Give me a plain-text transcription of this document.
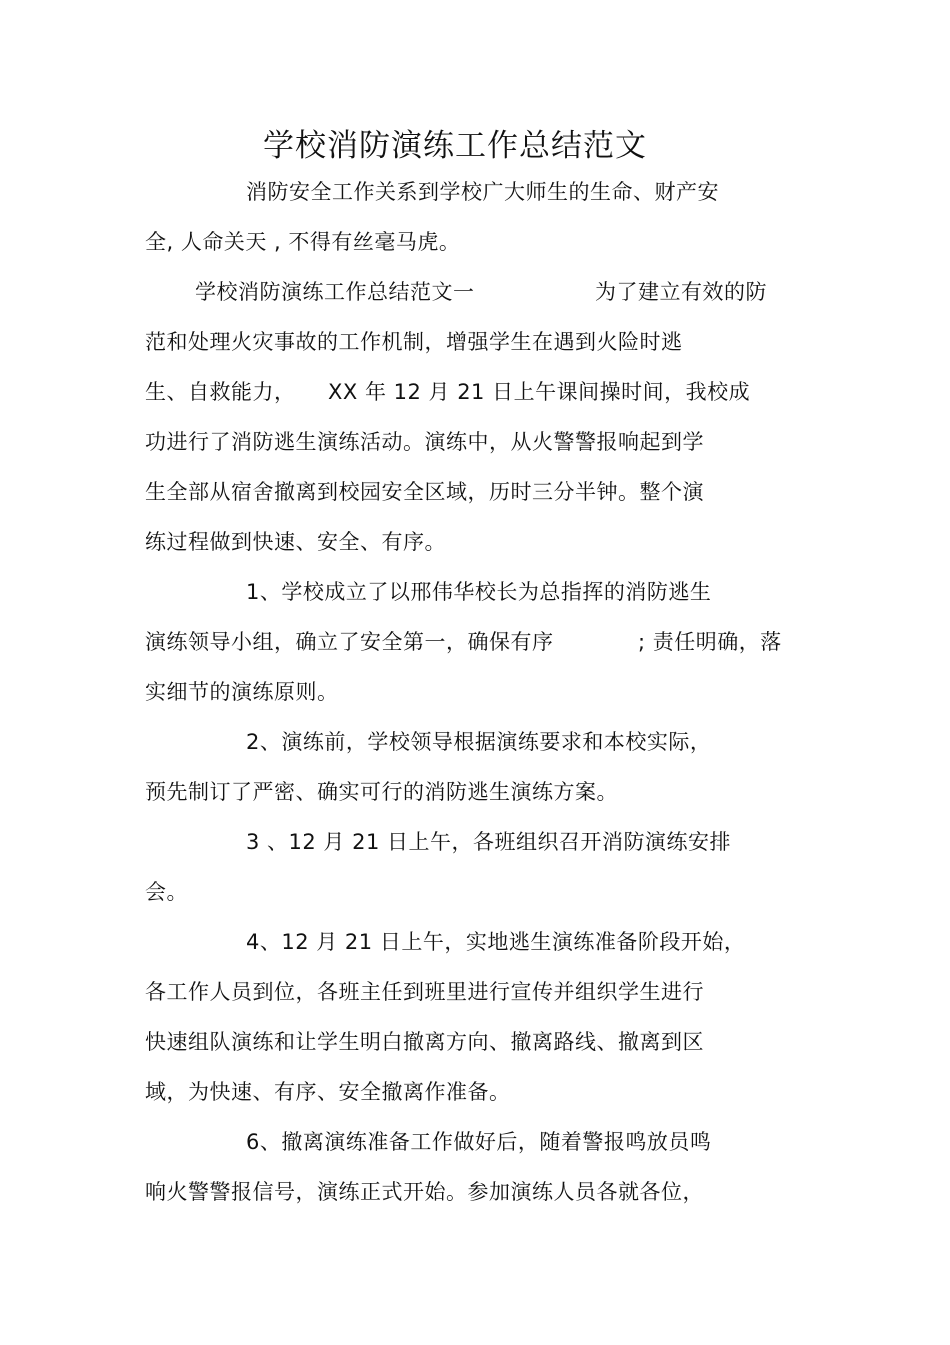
学校消防演练工作总结范文
消防安全工作关系到学校广大师生的生命、财产安
全, 人命关天 , 不得有丝毫马虎。
学校消防演练工作总结范文一	为了建立有效的防
范和处理火灾事故的工作机制，增强学生在遇到火险时逃
生、自救能力， XX 年 12 月 21 日上午课间操时间，我校成
功进行了消防逃生演练活动。演练中，从火警警报响起到学
生全部从宿舍撤离到校园安全区域，历时三分半钟。整个演
练过程做到快速、安全、有序。
1、学校成立了以邢伟华校长为总指挥的消防逃生
演练领导小组，确立了安全第一，确保有序	; 责任明确，落
实细节的演练原则。
2、演练前，学校领导根据演练要求和本校实际，
预先制订了严密、确实可行的消防逃生演练方案。
3 、12 月 21 日上午，各班组织召开消防演练安排
会。
4、12 月 21 日上午，实地逃生演练准备阶段开始，
各工作人员到位，各班主任到班里进行宣传并组织学生进行
快速组队演练和让学生明白撤离方向、撤离路线、撤离到区
域，为快速、有序、安全撤离作准备。
6、撤离演练准备工作做好后，随着警报鸣放员鸣
响火警警报信号，演练正式开始。参加演练人员各就各位，
